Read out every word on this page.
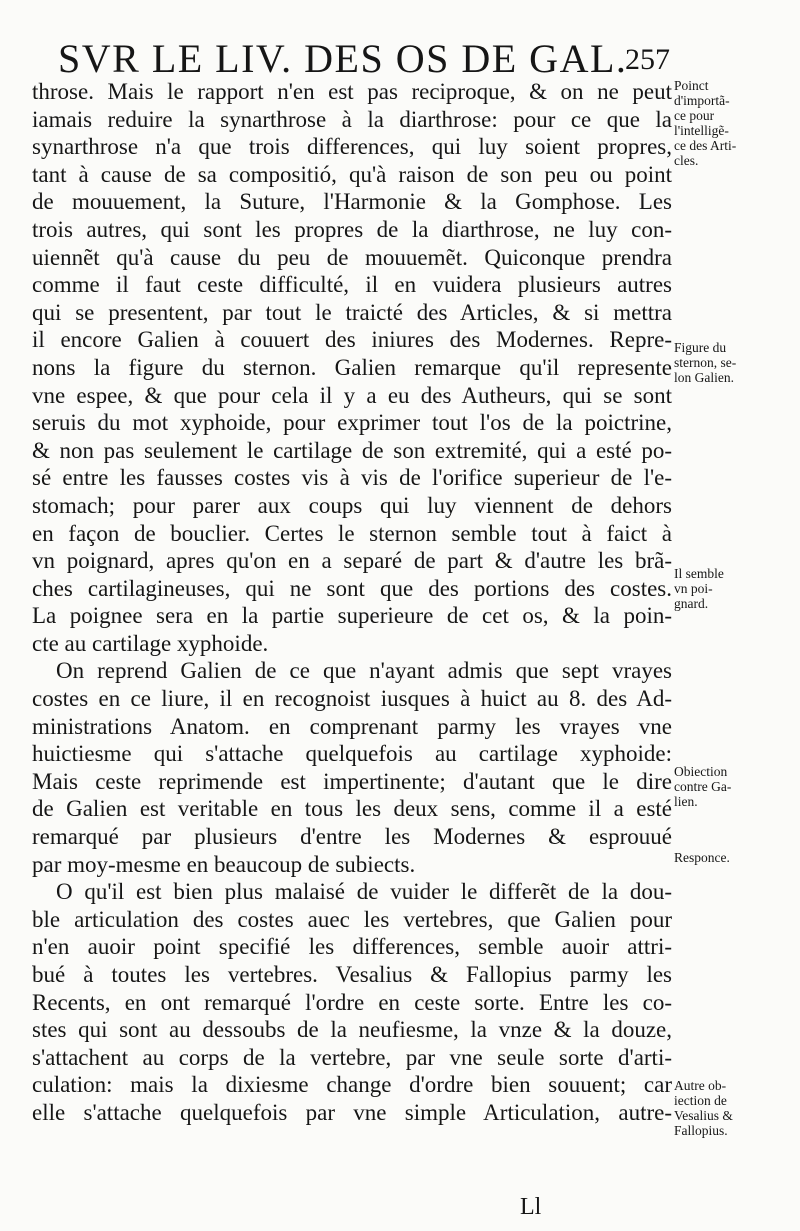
SVR LE LIV. DES OS DE GAL.
257
throse. Mais le rapport n'en est pas reciproque, & on ne peut
iamais reduire la synarthrose à la diarthrose: pour ce que la
synarthrose n'a que trois differences, qui luy soient propres,
tant à cause de sa compositió, qu'à raison de son peu ou point
de mouuement, la Suture, l'Harmonie & la Gomphose. Les
trois autres, qui sont les propres de la diarthrose, ne luy con-
uiennẽt qu'à cause du peu de mouuemẽt. Quiconque prendra
comme il faut ceste difficulté, il en vuidera plusieurs autres
qui se presentent, par tout le traicté des Articles, & si mettra
il encore Galien à couuert des iniures des Modernes. Repre-
nons la figure du sternon. Galien remarque qu'il represente
vne espee, & que pour cela il y a eu des Autheurs, qui se sont
seruis du mot xyphoide, pour exprimer tout l'os de la poictrine,
& non pas seulement le cartilage de son extremité, qui a esté po-
sé entre les fausses costes vis à vis de l'orifice superieur de l'e-
stomach; pour parer aux coups qui luy viennent de dehors
en façon de bouclier. Certes le sternon semble tout à faict à
vn poignard, apres qu'on en a separé de part & d'autre les brã-
ches cartilagineuses, qui ne sont que des portions des costes.
La poignee sera en la partie superieure de cet os, & la poin-
cte au cartilage xyphoide.
On reprend Galien de ce que n'ayant admis que sept vrayes
costes en ce liure, il en recognoist iusques à huict au 8. des Ad-
ministrations Anatom. en comprenant parmy les vrayes vne
huictiesme qui s'attache quelquefois au cartilage xyphoide:
Mais ceste reprimende est impertinente; d'autant que le dire
de Galien est veritable en tous les deux sens, comme il a esté
remarqué par plusieurs d'entre les Modernes & esprouué
par moy-mesme en beaucoup de subiects.
O qu'il est bien plus malaisé de vuider le differẽt de la dou-
ble articulation des costes auec les vertebres, que Galien pour
n'en auoir point specifié les differences, semble auoir attri-
bué à toutes les vertebres. Vesalius & Fallopius parmy les
Recents, en ont remarqué l'ordre en ceste sorte. Entre les co-
stes qui sont au dessoubs de la neufiesme, la vnze & la douze,
s'attachent au corps de la vertebre, par vne seule sorte d'arti-
culation: mais la dixiesme change d'ordre bien souuent; car
elle s'attache quelquefois par vne simple Articulation, autre-
Poinct
d'importã-
ce pour
l'intelligẽ-
ce des Arti-
cles.
Figure du
sternon, se-
lon Galien.
Il semble
vn poi-
gnard.
Obiection
contre Ga-
lien.
Responce.
Autre ob-
iection de
Vesalius &
Fallopius.
Ll
